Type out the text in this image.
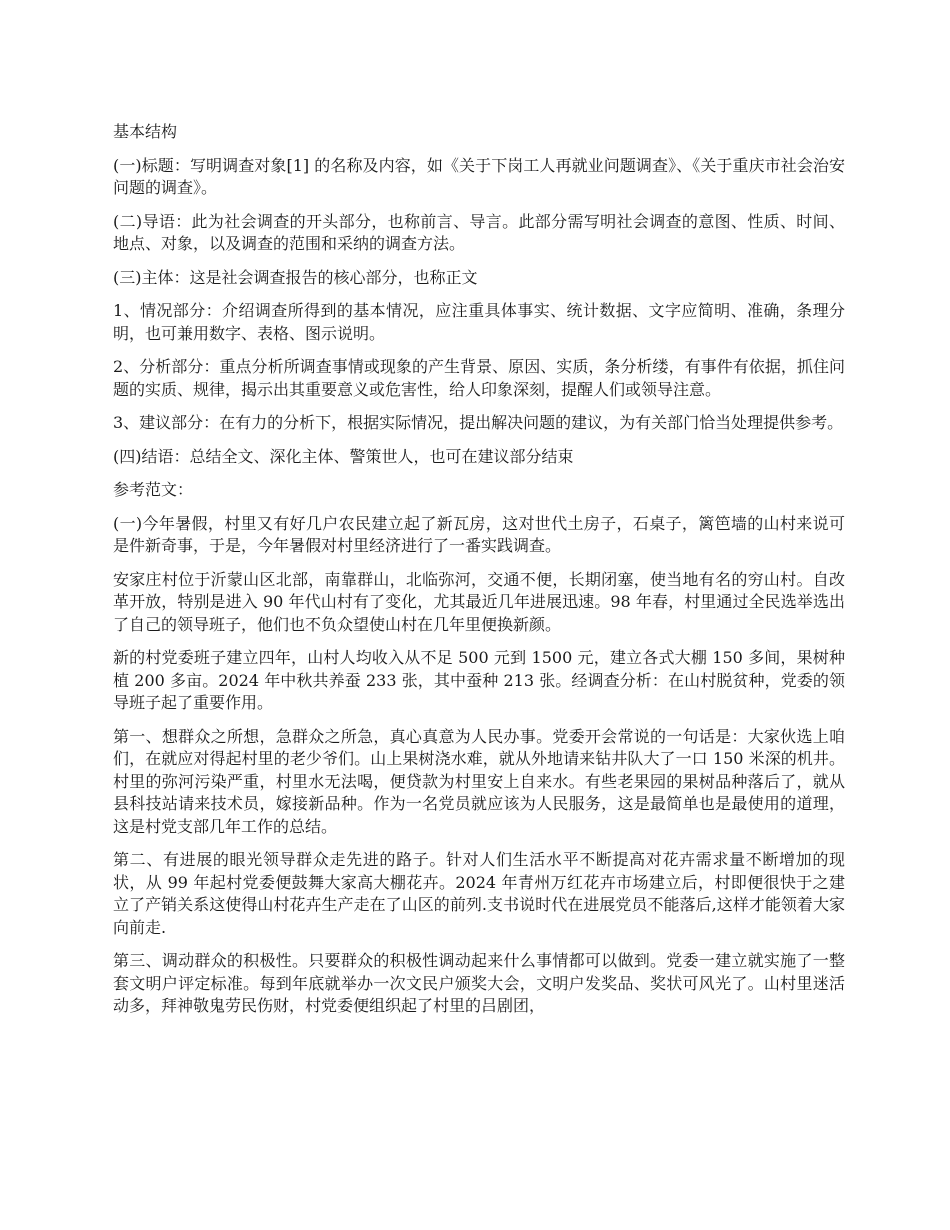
基本结构

(一)标题：写明调查对象[1] 的名称及内容，如《关于下岗工人再就业问题调查》、《关于重庆市社会治安问题的调查》。

(二)导语：此为社会调查的开头部分，也称前言、导言。此部分需写明社会调查的意图、性质、时间、地点、对象，以及调查的范围和采纳的调查方法。

(三)主体：这是社会调查报告的核心部分，也称正文

1、情况部分：介绍调查所得到的基本情况，应注重具体事实、统计数据、文字应简明、准确，条理分明，也可兼用数字、表格、图示说明。

2、分析部分：重点分析所调查事情或现象的产生背景、原因、实质，条分析缕，有事件有依据，抓住问题的实质、规律，揭示出其重要意义或危害性，给人印象深刻，提醒人们或领导注意。

3、建议部分：在有力的分析下，根据实际情况，提出解决问题的建议，为有关部门恰当处理提供参考。

(四)结语：总结全文、深化主体、警策世人，也可在建议部分结束

参考范文：

(一)今年暑假，村里又有好几户农民建立起了新瓦房，这对世代土房子，石桌子，篱笆墙的山村来说可是件新奇事，于是，今年暑假对村里经济进行了一番实践调查。

安家庄村位于沂蒙山区北部，南靠群山，北临弥河，交通不便，长期闭塞，使当地有名的穷山村。自改革开放，特别是进入 90 年代山村有了变化，尤其最近几年进展迅速。98 年春，村里通过全民选举选出了自己的领导班子，他们也不负众望使山村在几年里便换新颜。

新的村党委班子建立四年，山村人均收入从不足 500 元到 1500 元，建立各式大棚 150 多间，果树种植 200 多亩。2024 年中秋共养蚕 233 张，其中蚕种 213 张。经调查分析：在山村脱贫种，党委的领导班子起了重要作用。

第一、想群众之所想，急群众之所急，真心真意为人民办事。党委开会常说的一句话是：大家伙选上咱们，在就应对得起村里的老少爷们。山上果树浇水难，就从外地请来钻井队大了一口 150 米深的机井。村里的弥河污染严重，村里水无法喝，便贷款为村里安上自来水。有些老果园的果树品种落后了，就从县科技站请来技术员，嫁接新品种。作为一名党员就应该为人民服务，这是最简单也是最使用的道理，这是村党支部几年工作的总结。

第二、有进展的眼光领导群众走先进的路子。针对人们生活水平不断提高对花卉需求量不断增加的现状，从 99 年起村党委便鼓舞大家高大棚花卉。2024 年青州万红花卉市场建立后，村即便很快于之建立了产销关系这使得山村花卉生产走在了山区的前列.支书说时代在进展党员不能落后,这样才能领着大家向前走.

第三、调动群众的积极性。只要群众的积极性调动起来什么事情都可以做到。党委一建立就实施了一整套文明户评定标准。每到年底就举办一次文民户颁奖大会，文明户发奖品、奖状可风光了。山村里迷活动多，拜神敬鬼劳民伤财，村党委便组织起了村里的吕剧团，
